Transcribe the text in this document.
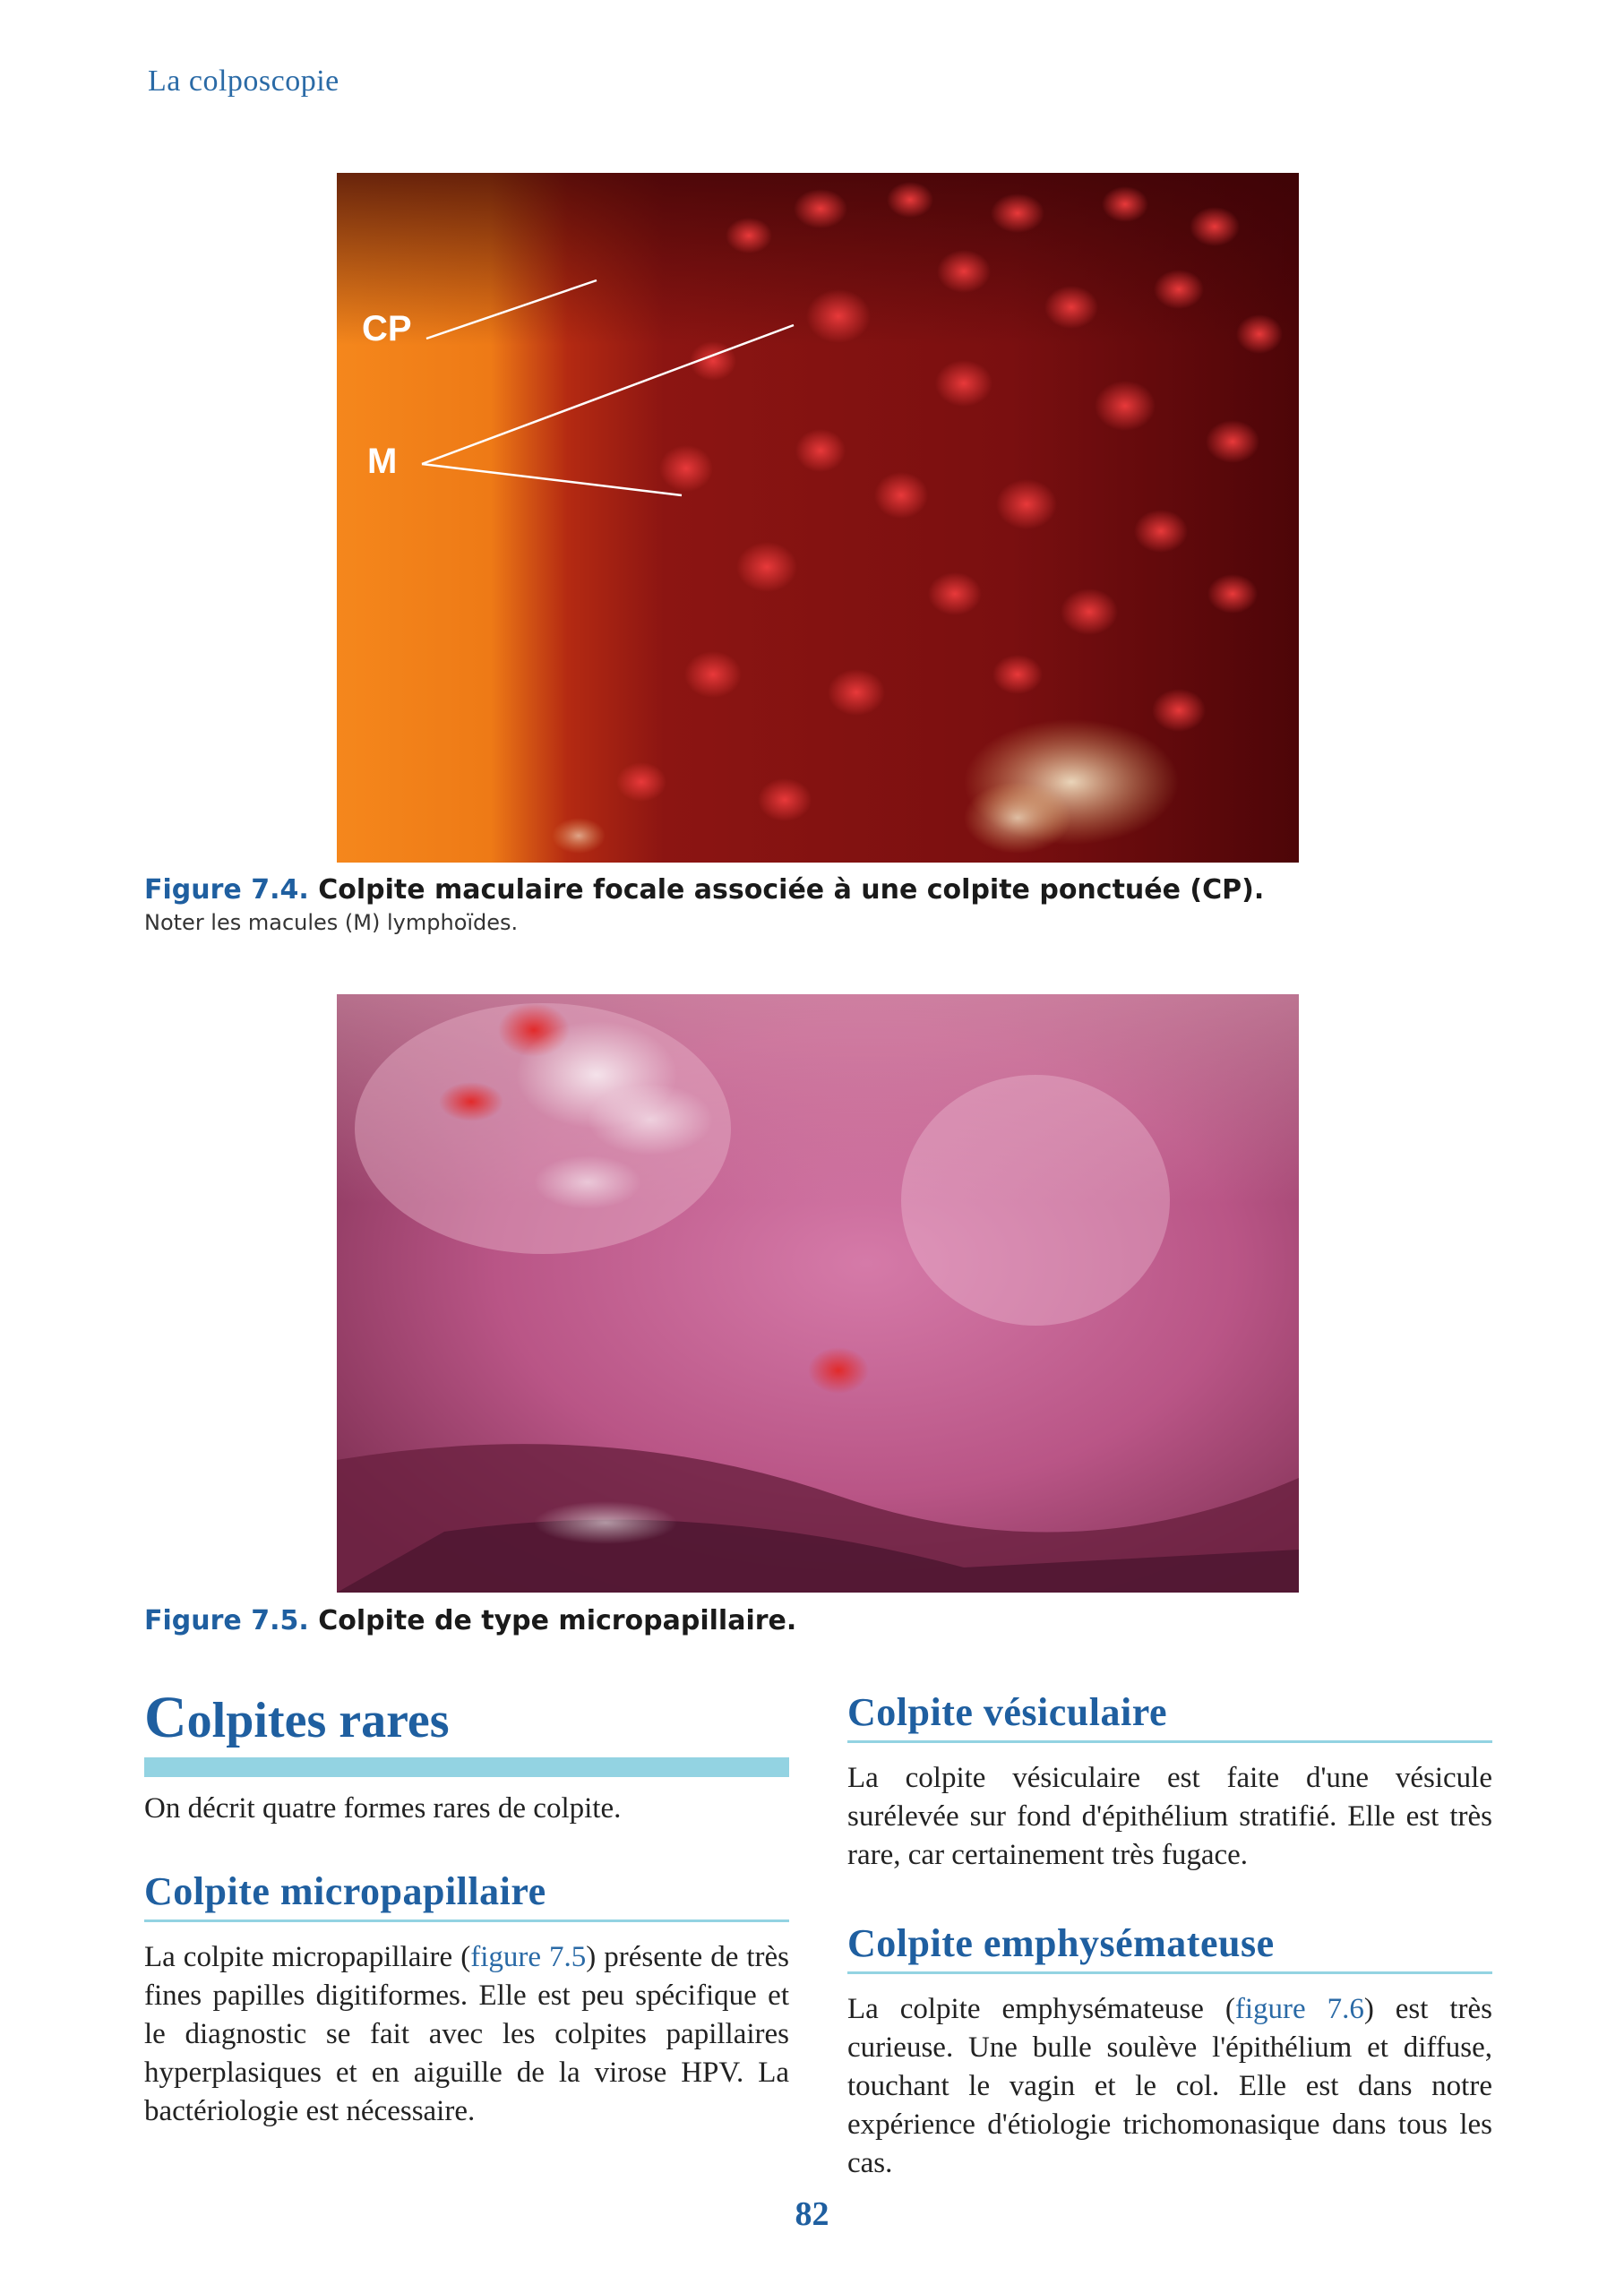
La colposcopie
CP
M
Figure 7.4. Colpite maculaire focale associée à une colpite ponctuée (CP).
Noter les macules (M) lymphoïdes.
Figure 7.5. Colpite de type micropapillaire.
Colpites rares

On décrit quatre formes rares de colpite.

Colpite micropapillaire

La colpite micropapillaire (figure 7.5) présente de très fines papilles digitiformes. Elle est peu spécifique et le diagnostic se fait avec les colpites papillaires hyperplasiques et en aiguille de la virose HPV. La bactériologie est nécessaire.

Colpite vésiculaire

La colpite vésiculaire est faite d'une vésicule surélevée sur fond d'épithélium stratifié. Elle est très rare, car certainement très fugace.

Colpite emphysémateuse

La colpite emphysémateuse (figure 7.6) est très curieuse. Une bulle soulève l'épithélium et diffuse, touchant le vagin et le col. Elle est dans notre expérience d'étiologie trichomonasique dans tous les cas.

82
